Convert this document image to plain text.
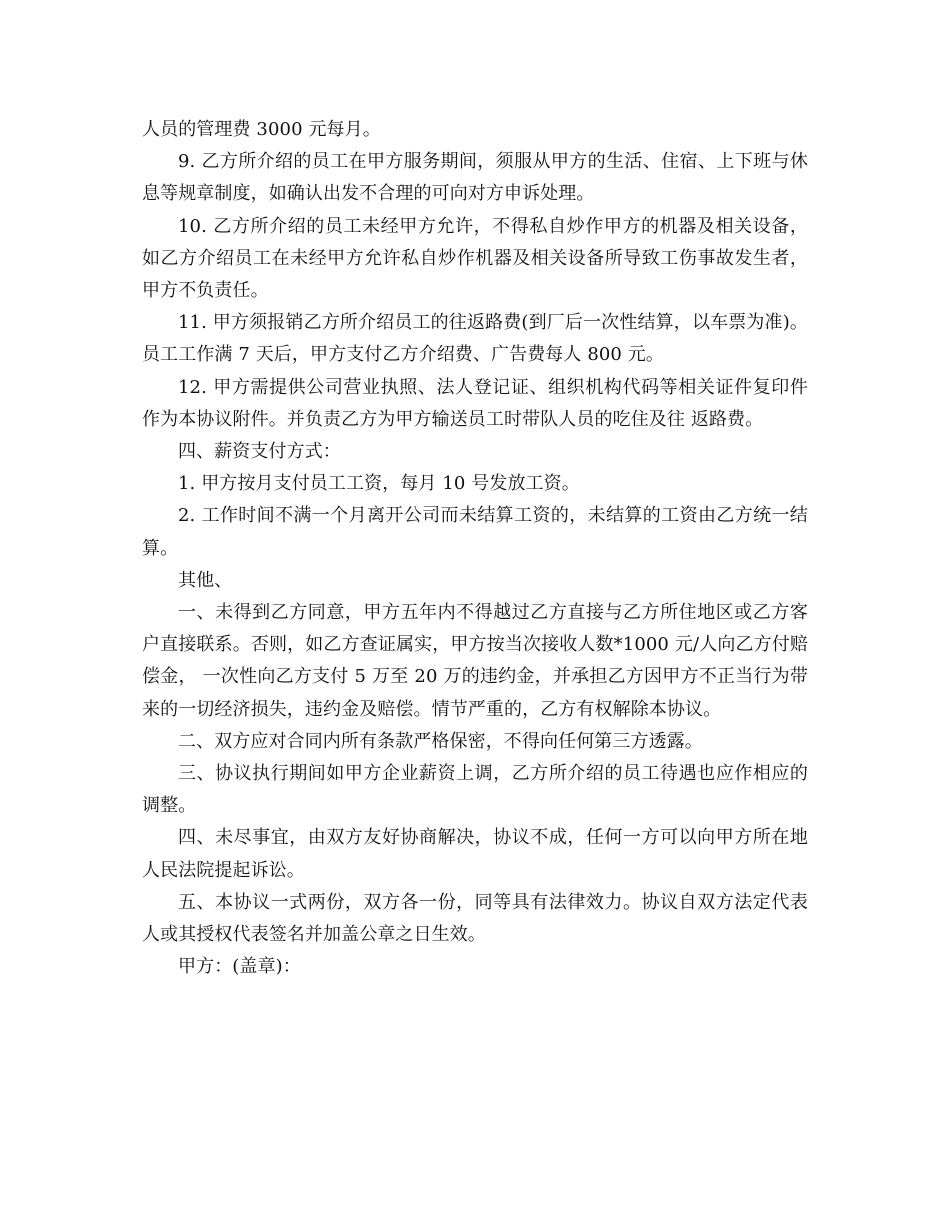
人员的管理费 3000 元每月。

9. 乙方所介绍的员工在甲方服务期间，须服从甲方的生活、住宿、上下班与休息等规章制度，如确认出发不合理的可向对方申诉处理。

10. 乙方所介绍的员工未经甲方允许，不得私自炒作甲方的机器及相关设备，如乙方介绍员工在未经甲方允许私自炒作机器及相关设备所导致工伤事故发生者，甲方不负责任。

11. 甲方须报销乙方所介绍员工的往返路费(到厂后一次性结算，以车票为准)。员工工作满 7 天后，甲方支付乙方介绍费、广告费每人 800 元。

12. 甲方需提供公司营业执照、法人登记证、组织机构代码等相关证件复印件作为本协议附件。并负责乙方为甲方输送员工时带队人员的吃住及往 返路费。

四、薪资支付方式：

1. 甲方按月支付员工工资，每月 10 号发放工资。

2. 工作时间不满一个月离开公司而未结算工资的，未结算的工资由乙方统一结算。

其他、

一、未得到乙方同意，甲方五年内不得越过乙方直接与乙方所住地区或乙方客户直接联系。否则，如乙方查证属实，甲方按当次接收人数*1000 元/人向乙方付赔偿金， 一次性向乙方支付 5 万至 20 万的违约金，并承担乙方因甲方不正当行为带来的一切经济损失，违约金及赔偿。情节严重的，乙方有权解除本协议。

二、双方应对合同内所有条款严格保密，不得向任何第三方透露。

三、协议执行期间如甲方企业薪资上调，乙方所介绍的员工待遇也应作相应的调整。

四、未尽事宜，由双方友好协商解决，协议不成，任何一方可以向甲方所在地人民法院提起诉讼。

五、本协议一式两份，双方各一份，同等具有法律效力。协议自双方法定代表人或其授权代表签名并加盖公章之日生效。

甲方：(盖章)：
